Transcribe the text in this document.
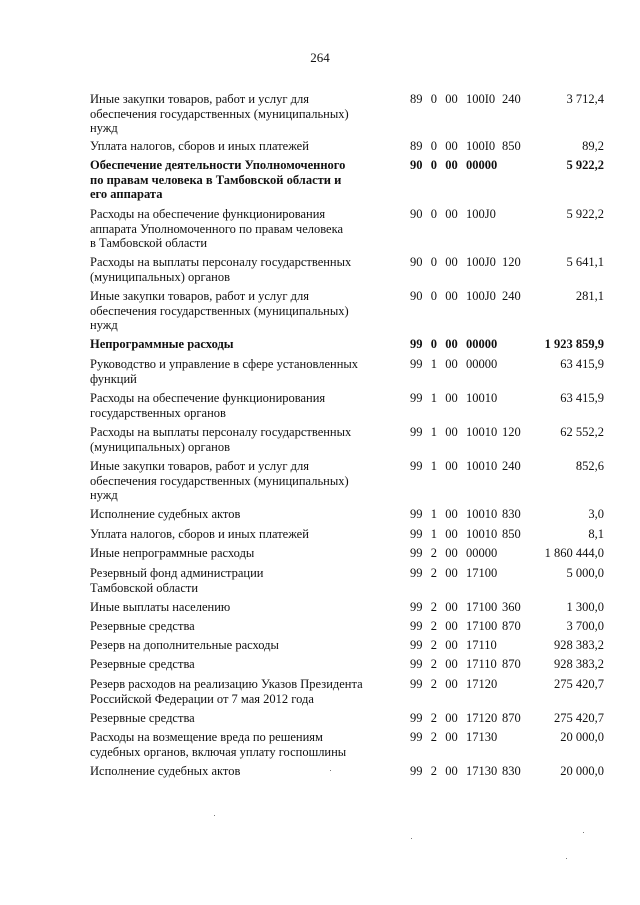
264
Иные закупки товаров, работ и услуг для
обеспечения государственных (муниципальных)
нужд
89  0  00  100I0 240	3 712,4
Уплата налогов, сборов и иных платежей	89  0  00  100I0 850	89,2
Обеспечение деятельности Уполномоченного
по правам человека в Тамбовской области и
его аппарата
90  0  00  00000	5 922,2
Расходы на обеспечение функционирования
аппарата Уполномоченного по правам человека
в Тамбовской области
90  0  00  100J0	5 922,2
Расходы на выплаты персоналу государственных
(муниципальных) органов
90  0  00  100J0 120	5 641,1
Иные закупки товаров, работ и услуг для
обеспечения государственных (муниципальных)
нужд
90  0  00  100J0 240	281,1
Непрограммные расходы	99  0  00  00000	1 923 859,9
Руководство и управление в сфере установленных
функций
99  1  00  00000	63 415,9
Расходы на обеспечение функционирования
государственных органов
99  1  00  10010	63 415,9
Расходы на выплаты персоналу государственных
(муниципальных) органов
99  1  00  10010 120	62 552,2
Иные закупки товаров, работ и услуг для
обеспечения государственных (муниципальных)
нужд
99  1  00  10010 240	852,6
Исполнение судебных актов	99  1  00  10010 830	3,0
Уплата налогов, сборов и иных платежей	99  1  00  10010 850	8,1
Иные непрограммные расходы	99  2  00  00000	1 860 444,0
Резервный фонд администрации
Тамбовской области
99  2  00  17100	5 000,0
Иные выплаты населению	99  2  00  17100 360	1 300,0
Резервные средства	99  2  00  17100 870	3 700,0
Резерв на дополнительные расходы	99  2  00  17110	928 383,2
Резервные средства	99  2  00  17110 870	928 383,2
Резерв расходов на реализацию Указов Президента
Российской Федерации от 7 мая 2012 года
99  2  00  17120	275 420,7
Резервные средства	99  2  00  17120 870	275 420,7
Расходы на возмещение вреда по решениям
судебных органов, включая уплату госпошлины
99  2  00  17130	20 000,0
Исполнение судебных актов	99  2  00  17130 830	20 000,0
